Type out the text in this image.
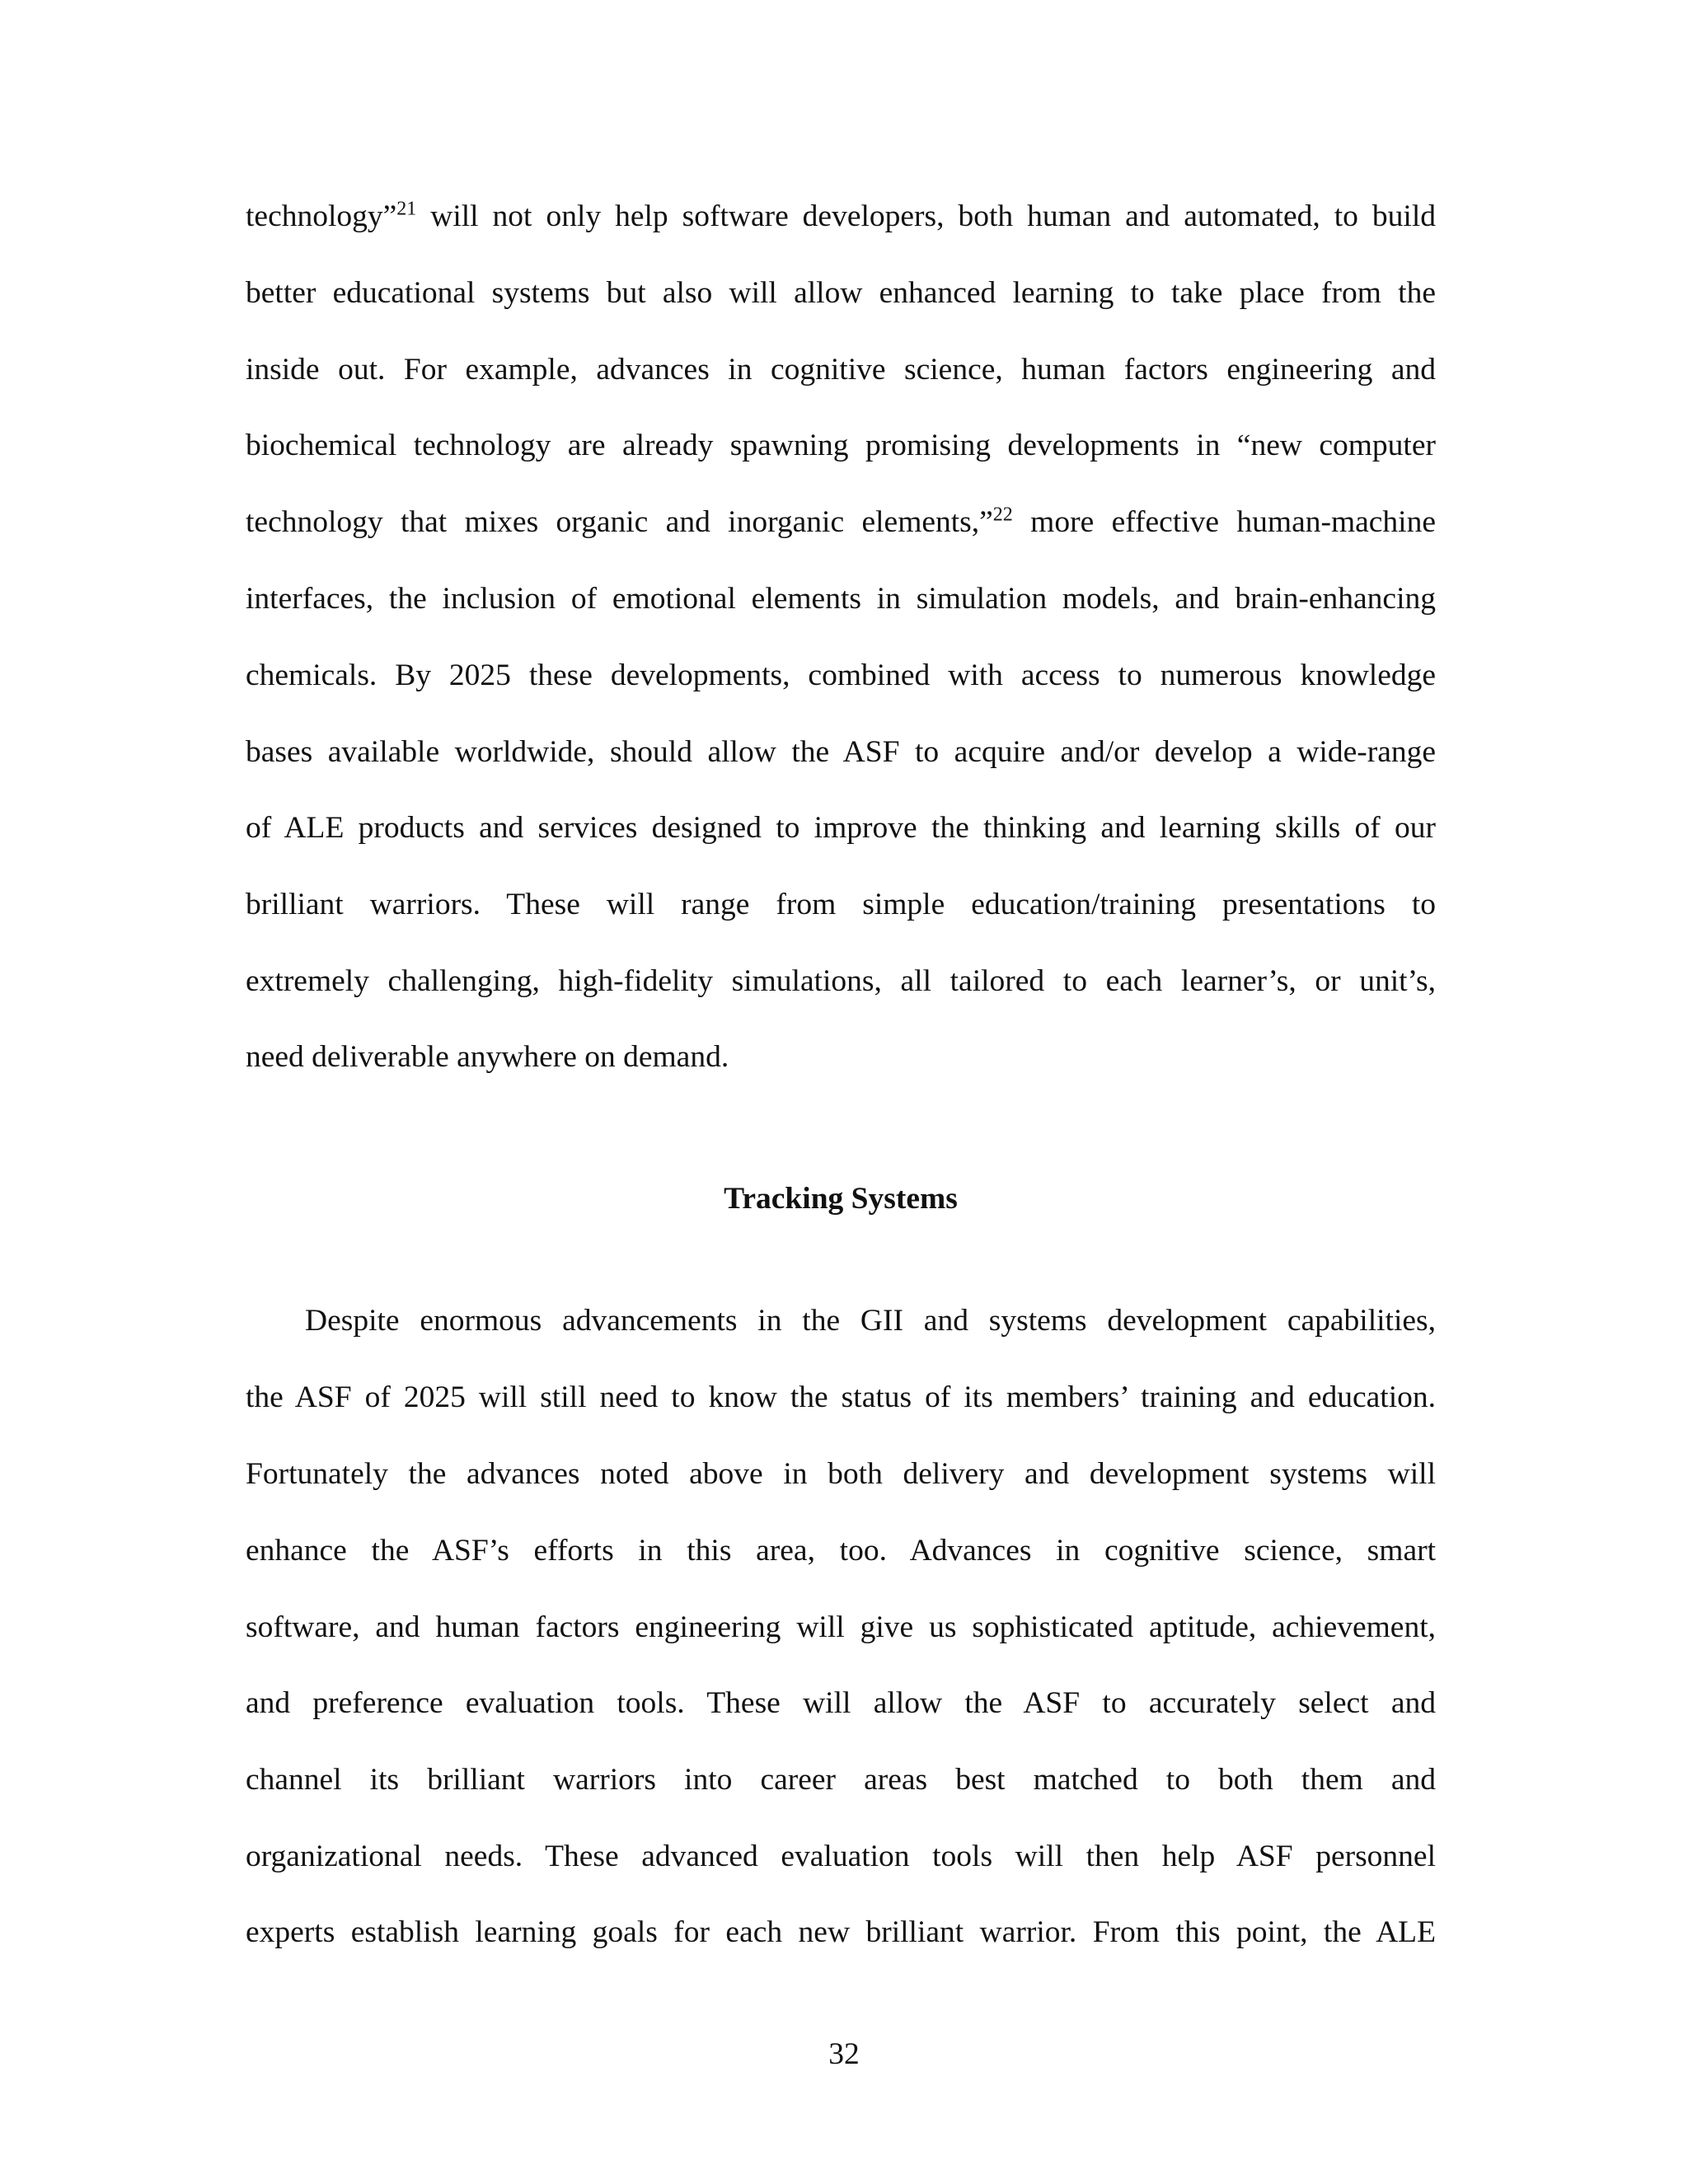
technology”$^{21}$ will not only help software developers, both human and automated, to build
better educational systems but also will allow enhanced learning to take place from the
inside out. For example, advances in cognitive science, human factors engineering and
biochemical technology are already spawning promising developments in “new computer
technology that mixes organic and inorganic elements,”$^{22}$ more effective human-machine
interfaces, the inclusion of emotional elements in simulation models, and brain-enhancing
chemicals. By 2025 these developments, combined with access to numerous knowledge
bases available worldwide, should allow the ASF to acquire and/or develop a wide-range
of ALE products and services designed to improve the thinking and learning skills of our
brilliant warriors. These will range from simple education/training presentations to
extremely challenging, high-fidelity simulations, all tailored to each learner’s, or unit’s,
need deliverable anywhere on demand.
Tracking Systems
Despite enormous advancements in the GII and systems development capabilities,
the ASF of 2025 will still need to know the status of its members’ training and education.
Fortunately the advances noted above in both delivery and development systems will
enhance the ASF’s efforts in this area, too. Advances in cognitive science, smart
software, and human factors engineering will give us sophisticated aptitude, achievement,
and preference evaluation tools. These will allow the ASF to accurately select and
channel its brilliant warriors into career areas best matched to both them and
organizational needs. These advanced evaluation tools will then help ASF personnel
experts establish learning goals for each new brilliant warrior. From this point, the ALE
32
